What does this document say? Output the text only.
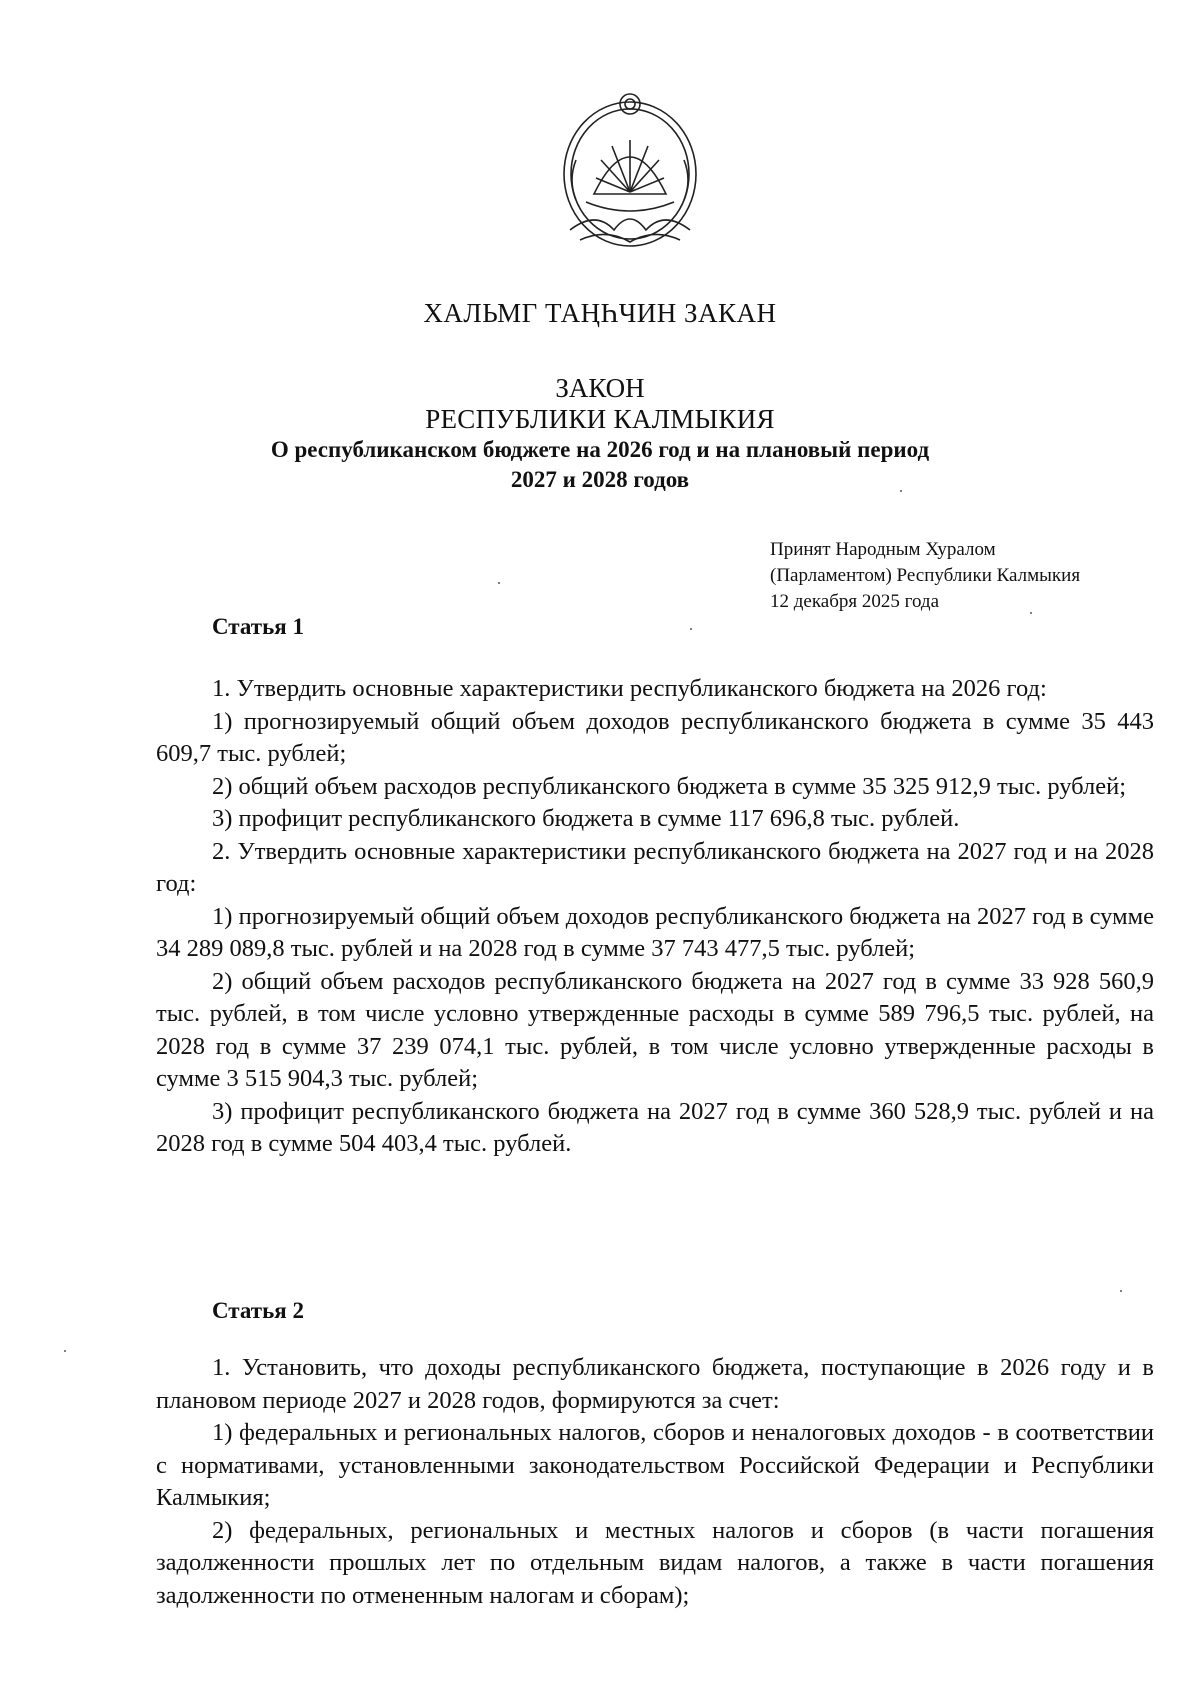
ХАЛЬМГ ТАҢҺЧИН ЗАКАН
ЗАКОН
РЕСПУБЛИКИ КАЛМЫКИЯ
О республиканском бюджете на 2026 год и на плановый период
2027 и 2028 годов
Принят Народным Хуралом
(Парламентом) Республики Калмыкия
12 декабря 2025 года
Статья 1

1. Утвердить основные характеристики республиканского бюджета на 2026 год:

1) прогнозируемый общий объем доходов республиканского бюджета в сумме 35 443 609,7 тыс. рублей;

2) общий объем расходов республиканского бюджета в сумме 35 325 912,9 тыс. рублей;

3) профицит республиканского бюджета в сумме 117 696,8 тыс. рублей.

2. Утвердить основные характеристики республиканского бюджета на 2027 год и на 2028 год:

1) прогнозируемый общий объем доходов республиканского бюджета на 2027 год в сумме 34 289 089,8 тыс. рублей и на 2028 год в сумме 37 743 477,5 тыс. рублей;

2) общий объем расходов республиканского бюджета на 2027 год в сумме 33 928 560,9 тыс. рублей, в том числе условно утвержденные расходы в сумме 589 796,5 тыс. рублей, на 2028 год в сумме 37 239 074,1 тыс. рублей, в том числе условно утвержденные расходы в сумме 3 515 904,3 тыс. рублей;

3) профицит республиканского бюджета на 2027 год в сумме 360 528,9 тыс. рублей и на 2028 год в сумме 504 403,4 тыс. рублей.

Статья 2

1. Установить, что доходы республиканского бюджета, поступающие в 2026 году и в плановом периоде 2027 и 2028 годов, формируются за счет:

1) федеральных и региональных налогов, сборов и неналоговых доходов - в соответствии с нормативами, установленными законодательством Российской Федерации и Республики Калмыкия;

2) федеральных, региональных и местных налогов и сборов (в части погашения задолженности прошлых лет по отдельным видам налогов, а также в части погашения задолженности по отмененным налогам и сборам);
